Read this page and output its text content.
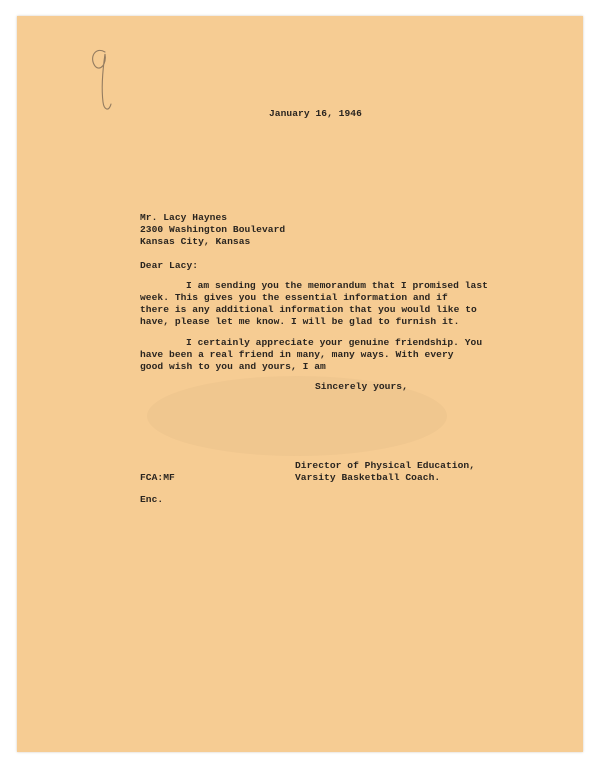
January 16, 1946
Mr. Lacy Haynes
2300 Washington Boulevard
Kansas City, Kansas
Dear Lacy:
I am sending you the memorandum that I promised last
week. This gives you the essential information and if
there is any additional information that you would like to
have, please let me know. I will be glad to furnish it.
I certainly appreciate your genuine friendship. You
have been a real friend in many, many ways. With every
good wish to you and yours, I am
Sincerely yours,
Director of Physical Education,
Varsity Basketball Coach.
FCA:MF
Enc.
